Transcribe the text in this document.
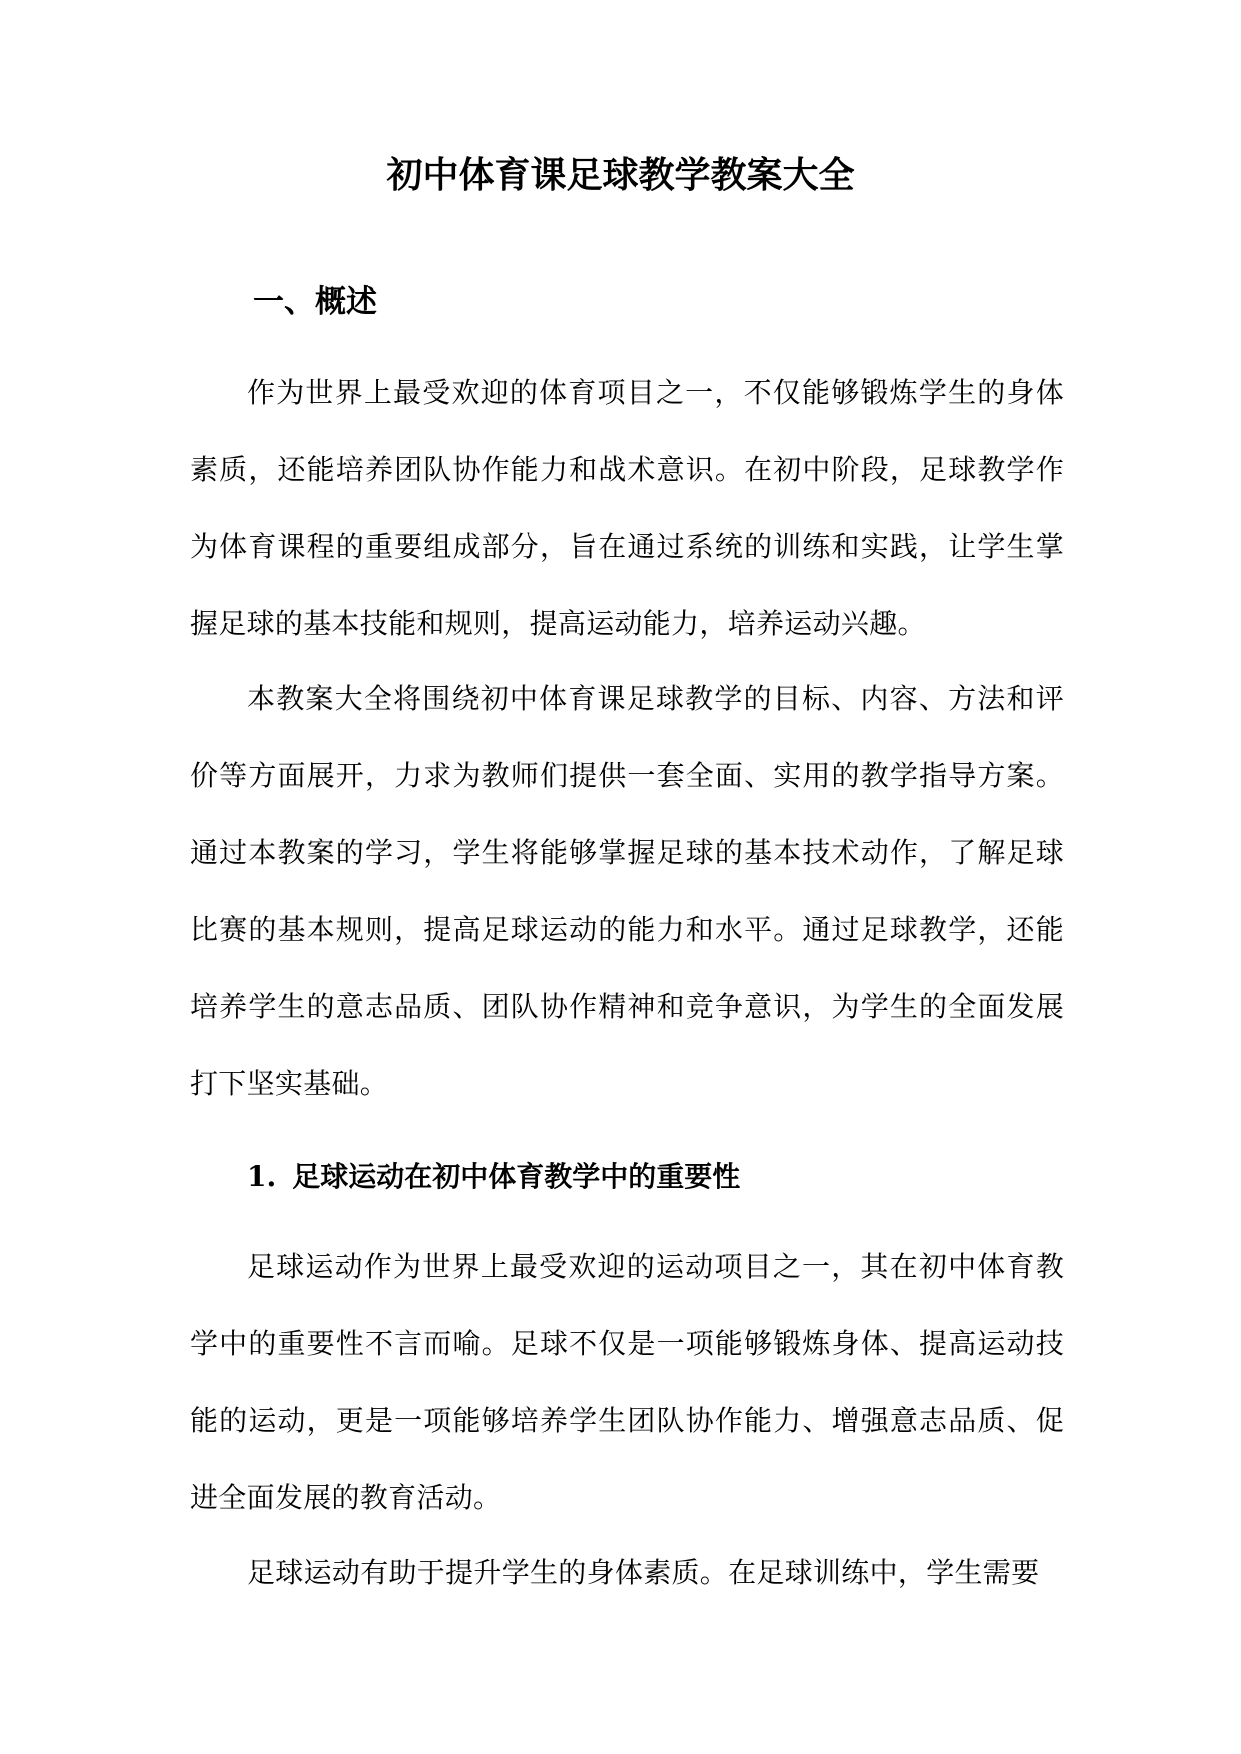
初中体育课足球教学教案大全
一、概述

作为世界上最受欢迎的体育项目之一，不仅能够锻炼学生的身体素质，还能培养团队协作能力和战术意识。在初中阶段，足球教学作为体育课程的重要组成部分，旨在通过系统的训练和实践，让学生掌握足球的基本技能和规则，提高运动能力，培养运动兴趣。

本教案大全将围绕初中体育课足球教学的目标、内容、方法和评价等方面展开，力求为教师们提供一套全面、实用的教学指导方案。通过本教案的学习，学生将能够掌握足球的基本技术动作，了解足球比赛的基本规则，提高足球运动的能力和水平。通过足球教学，还能培养学生的意志品质、团队协作精神和竞争意识，为学生的全面发展打下坚实基础。

1. 足球运动在初中体育教学中的重要性

足球运动作为世界上最受欢迎的运动项目之一，其在初中体育教学中的重要性不言而喻。足球不仅是一项能够锻炼身体、提高运动技能的运动，更是一项能够培养学生团队协作能力、增强意志品质、促进全面发展的教育活动。

足球运动有助于提升学生的身体素质。在足球训练中，学生需要
